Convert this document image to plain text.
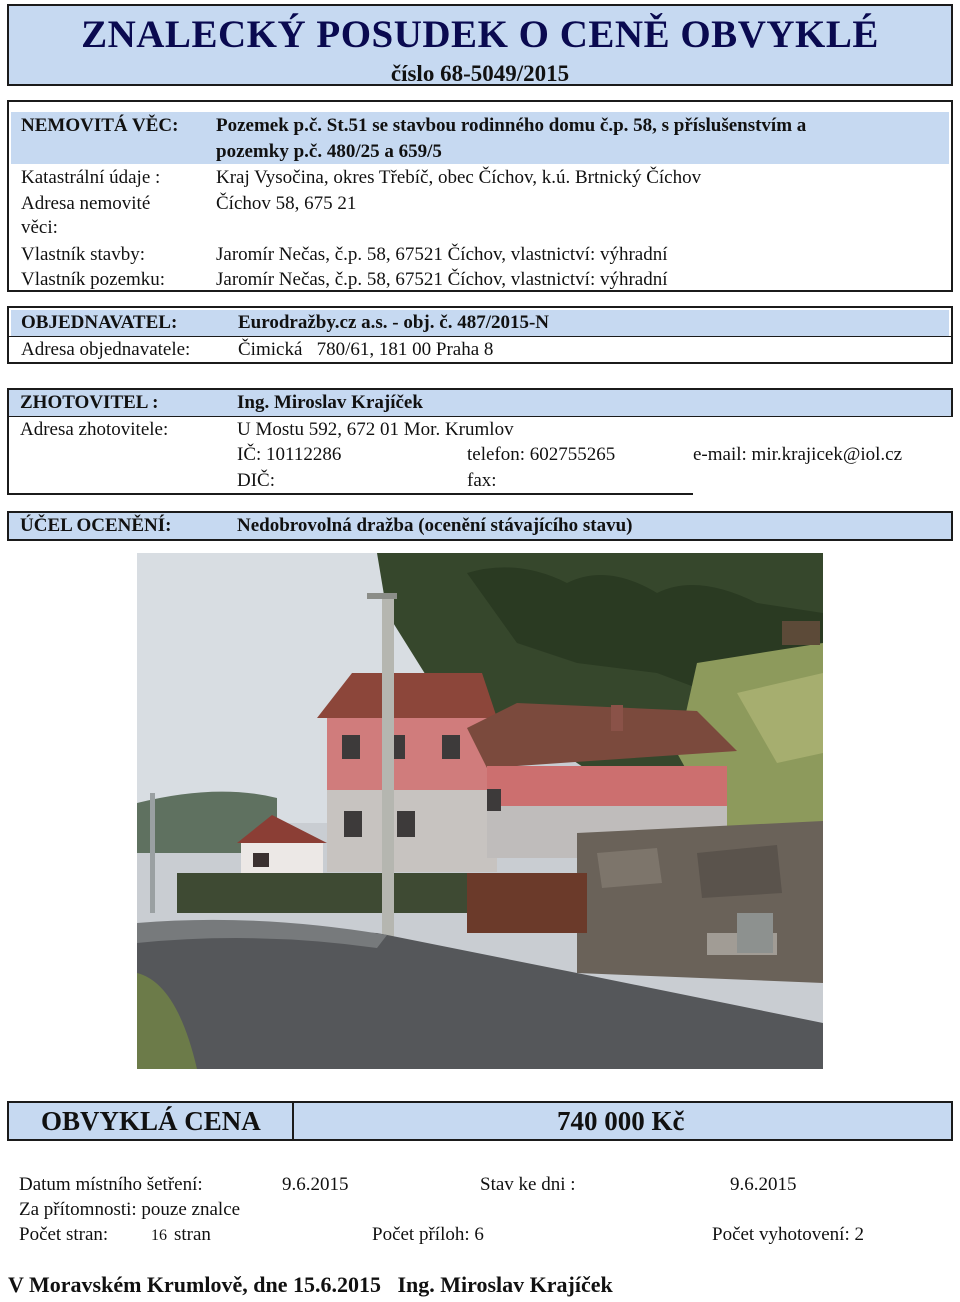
ZNALECKÝ POSUDEK O CENĚ OBVYKLÉ
číslo 68-5049/2015
NEMOVITÁ VĚC: Pozemek p.č. St.51 se stavbou rodinného domu č.p. 58, s příslušenstvím a
pozemky p.č. 480/25 a 659/5
Katastrální údaje :	Kraj Vysočina, okres Třebíč, obec Číchov, k.ú. Brtnický Číchov
Adresa nemovité
věci:
Číchov 58, 675 21
Vlastník stavby:	Jaromír Nečas, č.p. 58, 67521 Číchov, vlastnictví: výhradní
Vlastník pozemku:	Jaromír Nečas, č.p. 58, 67521 Číchov, vlastnictví: výhradní
OBJEDNAVATEL:	Eurodražby.cz a.s. - obj. č. 487/2015-N
Adresa objednavatele:	Čimická   780/61, 181 00 Praha 8
ZHOTOVITEL :	Ing. Miroslav Krajíček
Adresa zhotovitele:	U Mostu 592, 672 01 Mor. Krumlov
IČ: 10112286	telefon: 602755265	e-mail: mir.krajicek@iol.cz
DIČ:	fax:
ÚČEL OCENĚNÍ:	Nedobrovolná dražba (ocenění stávajícího stavu)
OBVYKLÁ CENA	740 000 Kč
Datum místního šetření:	9.6.2015	Stav ke dni :	9.6.2015
Za přítomnosti: pouze znalce
Počet stran:	16 stran	Počet příloh: 6	Počet vyhotovení: 2
V Moravském Krumlově, dne 15.6.2015   Ing. Miroslav Krajíček
